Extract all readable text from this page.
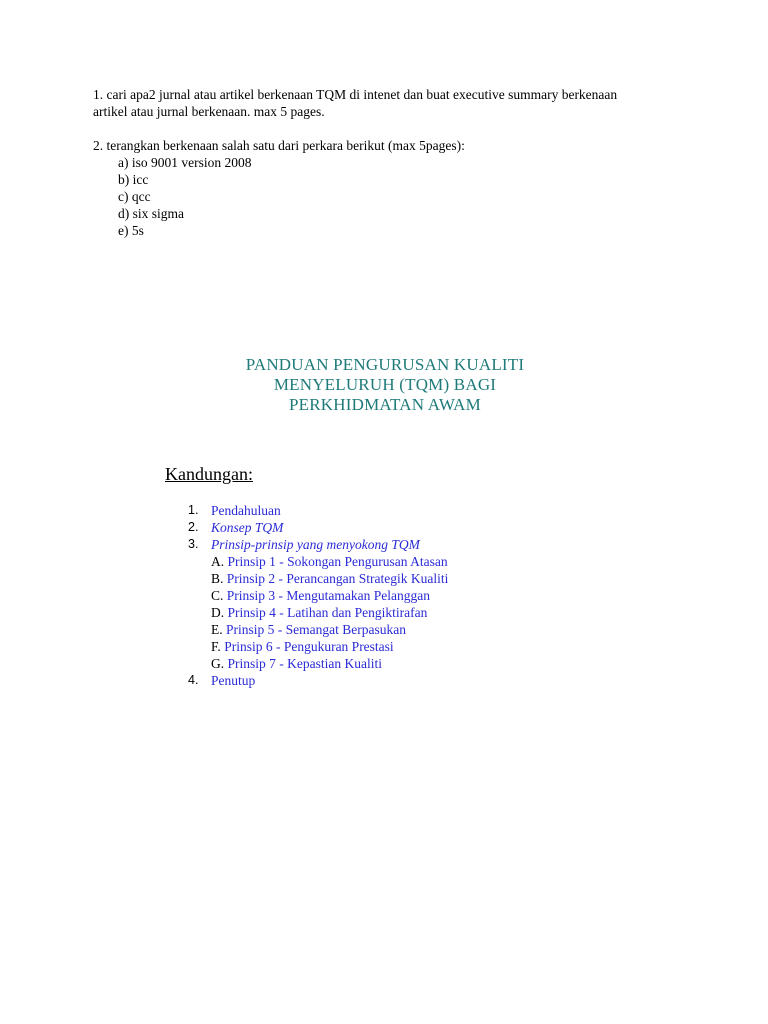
1. cari apa2 jurnal atau artikel berkenaan TQM di intenet dan buat executive summary berkenaan artikel atau jurnal berkenaan. max 5 pages.
2. terangkan berkenaan salah satu dari perkara berikut (max 5pages):
a) iso 9001 version 2008
b) icc
c) qcc
d) six sigma
e) 5s
PANDUAN PENGURUSAN KUALITI
MENYELURUH (TQM) BAGI
PERKHIDMATAN AWAM
Kandungan:
1. Pendahuluan
2. Konsep TQM
3. Prinsip-prinsip yang menyokong TQM
A. Prinsip 1 - Sokongan Pengurusan Atasan
B. Prinsip 2 - Perancangan Strategik Kualiti
C. Prinsip 3 - Mengutamakan Pelanggan
D. Prinsip 4 - Latihan dan Pengiktirafan
E. Prinsip 5 - Semangat Berpasukan
F. Prinsip 6 - Pengukuran Prestasi
G. Prinsip 7 - Kepastian Kualiti
4. Penutup
